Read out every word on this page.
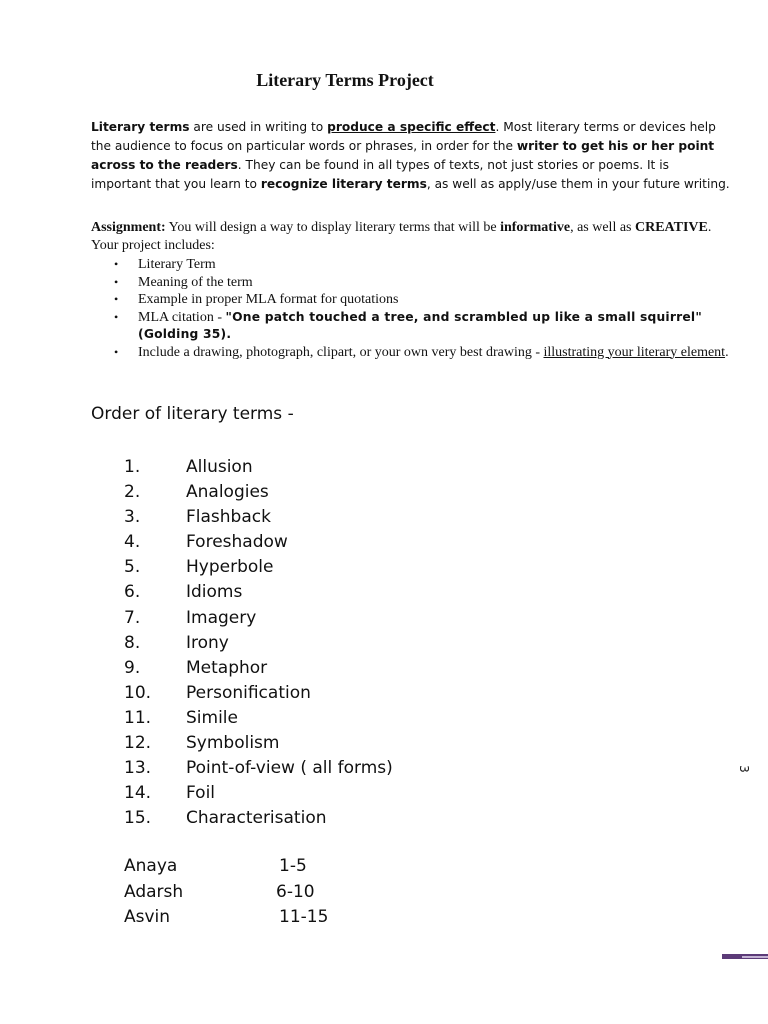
Literary Terms Project
Literary terms are used in writing to produce a specific effect. Most literary terms or devices help the audience to focus on particular words or phrases, in order for the writer to get his or her point across to the readers. They can be found in all types of texts, not just stories or poems. It is important that you learn to recognize literary terms, as well as apply/use them in your future writing.
Assignment: You will design a way to display literary terms that will be informative, as well as CREATIVE. Your project includes:
• Literary Term
• Meaning of the term
• Example in proper MLA format for quotations
• MLA citation - "One patch touched a tree, and scrambled up like a small squirrel" (Golding 35).
• Include a drawing, photograph, clipart, or your own very best drawing - illustrating your literary element.
Order of literary terms -
1.	Allusion
2.	Analogies
3.	Flashback
4.	Foreshadow
5.	Hyperbole
6.	Idioms
7.	Imagery
8.	Irony
9.	Metaphor
10. Personification
11. Simile
12. Symbolism
13. Point-of-view ( all forms)
14. Foil
15. Characterisation
Anaya	1-5
Adarsh	6-10
Asvin	11-15
3
